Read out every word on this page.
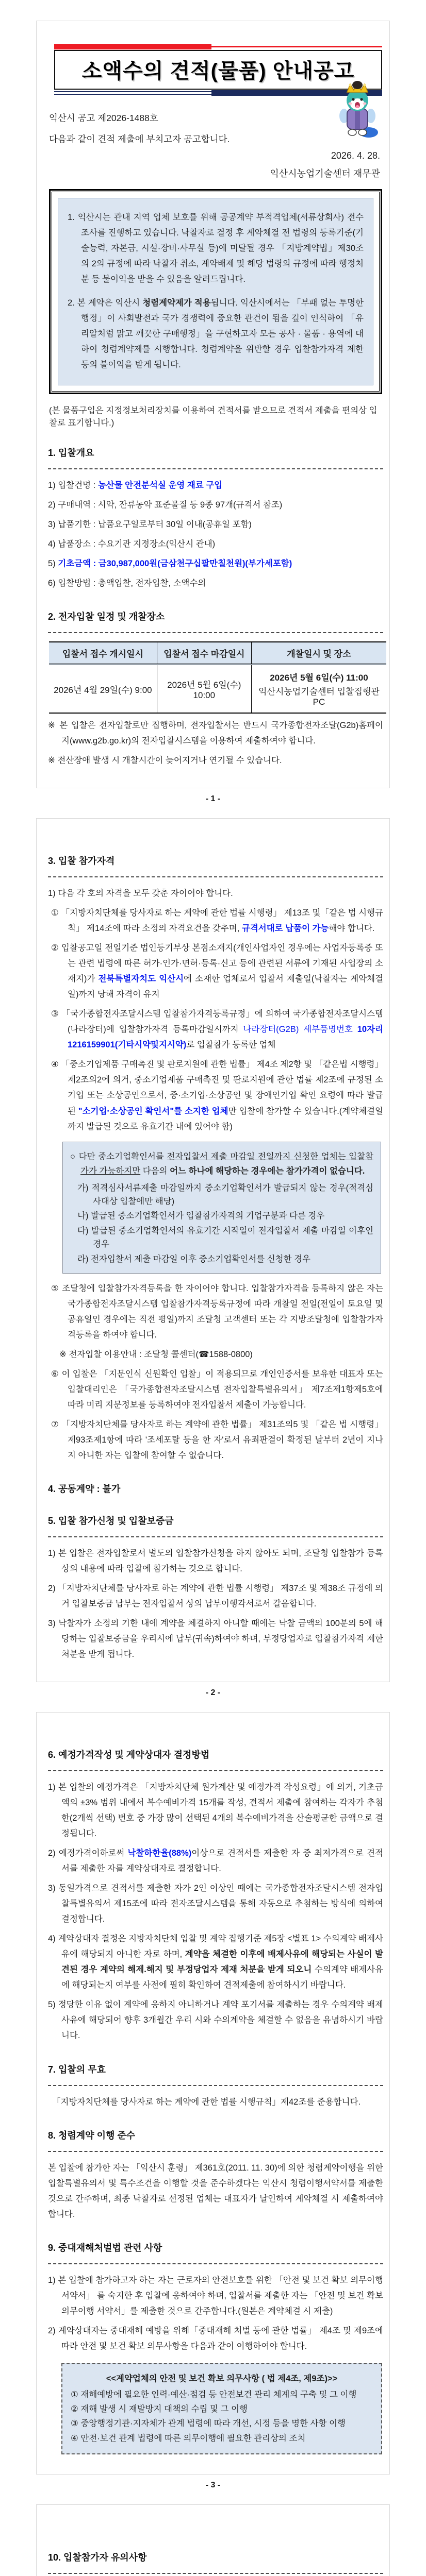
소액수의 견적(물품) 안내공고

익산시 공고 제2026-1488호

다음과 같이 견적 제출에 부치고자 공고합니다.

2026. 4. 28.

익산시농업기술센터 재무관

1. 익산시는 관내 지역 업체 보호를 위해 공공계약 부적격업체(서류상회사) 전수 조사를 진행하고 있습니다. 낙찰자로 결정 후 계약체결 전 법령의 등록기준(기술능력, 자본금, 시설·장비·사무실 등)에 미달될 경우 「지방계약법」제30조의 2의 규정에 따라 낙찰자 취소, 계약배제 및 해당 법령의 규정에 따라 행정처분 등 불이익을 받을 수 있음을 알려드립니다.

2. 본 계약은 익산시 청렴계약제가 적용됩니다. 익산시에서는 「부패 없는 투명한 행정」이 사회발전과 국가 경쟁력에 중요한 관건이 됨을 깊이 인식하여 「유리알처럼 맑고 깨끗한 구매행정」을 구현하고자 모든 공사 · 물품 · 용역에 대하여 청렴계약제를 시행합니다. 청렴계약을 위반할 경우 입찰참가자격 제한 등의 불이익을 받게 됩니다.

(본 물품구입은 지정정보처리장치를 이용하여 견적서를 받으므로 견적서 제출을 편의상 입찰로 표기합니다.)

1. 입찰개요

1) 입찰건명 : 농산물 안전분석실 운영 재료 구입

2) 구매내역 : 시약, 잔류농약 표준물질 등 9종 97개(규격서 참조)

3) 납품기한 : 납품요구일로부터 30일 이내(공휴일 포함)

4) 납품장소 : 수요기관 지정장소(익산시 관내)

5) 기초금액 : 금30,987,000원(금삼천구십팔만칠천원)(부가세포함)

6) 입찰방법 : 총액입찰, 전자입찰, 소액수의

2. 전자입찰 일정 및 개찰장소
입찰서 접수 개시일시	입찰서 접수 마감일시	개찰일시 및 장소
2026년 4월 29일(수) 9:00	2026년 5월 6일(수) 10:00	2026년 5월 6일(수) 11:00
익산시농업기술센터 입찰집행관PC

※ 본 입찰은 전자입찰로만 집행하며, 전자입찰서는 반드시 국가종합전자조달(G2b)홈페이지(www.g2b.go.kr)의 전자입찰시스템을 이용하여 제출하여야 합니다.

※ 전산장애 발생 시 개찰시간이 늦어지거나 연기될 수 있습니다.

- 1 -
3. 입찰 참가자격

1) 다음 각 호의 자격을 모두 갖춘 자이어야 합니다.

① 「지방자치단체를 당사자로 하는 계약에 관한 법률 시행령」 제13조 및「같은 법 시행규칙」 제14조에 따라 소정의 자격요건을 갖추며, 규격서대로 납품이 가능해야 합니다.

② 입찰공고일 전일기준 법인등기부상 본점소재지(개인사업자인 경우에는 사업자등록증 또는 관련 법령에 따른 허가·인가·면허·등록·신고 등에 관련된 서류에 기재된 사업장의 소재지)가 전북특별자치도 익산시에 소재한 업체로서 입찰서 제출일(낙찰자는 계약체결일)까지 당해 자격이 유지

③ 「국가종합전자조달시스템 입찰참가자격등록규정」에 의하여 국가종합전자조달시스템(나라장터)에 입찰참가자격 등록마감일시까지 나라장터(G2B) 세부품명번호 10자리 1216159901(기타시약및지시약)로 입찰참가 등록한 업체

④ 「중소기업제품 구매촉진 및 판로지원에 관한 법률」 제4조 제2항 및 「같은법 시행령」 제2조의2에 의거, 중소기업제품 구매촉진 및 판로지원에 관한 법률 제2조에 규정된 소기업 또는 소상공인으로서, 중·소기업·소상공인 및 장애인기업 확인 요령에 따라 발급된 "소기업·소상공인 확인서"를 소지한 업체만 입찰에 참가할 수 있습니다.(계약체결일까지 발급된 것으로 유효기간 내에 있어야 함)

○ 다만 중소기업확인서를 전자입찰서 제출 마감일 전일까지 신청한 업체는 입찰참가가 가능하지만 다음의 어느 하나에 해당하는 경우에는 참가가격이 없습니다.

가) 적격심사서류제출 마감일까지 중소기업확인서가 발급되지 않는 경우(적격심사대상 입찰에만 해당)

나) 발급된 중소기업확인서가 입찰참가자격의 기업구분과 다른 경우

다) 발급된 중소기업확인서의 유효기간 시작일이 전자입찰서 제출 마감일 이후인 경우

라) 전자입찰서 제출 마감일 이후 중소기업확인서를 신청한 경우

⑤ 조달청에 입찰참가자격등록을 한 자이어야 합니다. 입찰참가자격을 등록하지 않은 자는 국가종합전자조달시스템 입찰참가자격등록규정에 따라 개찰일 전일(전일이 토요일 및 공휴일인 경우에는 직전 평일)까지 조달청 고객센터 또는 각 지방조달청에 입찰참가자격등록을 하여야 합니다.

※ 전자입찰 이용안내 : 조달청 콜센터(☎1588-0800)

⑥ 이 입찰은 「지문인식 신원확인 입찰」이 적용되므로 개인인증서를 보유한 대표자 또는 입찰대리인은 「국가종합전자조달시스템 전자입찰특별유의서」 제7조제1항제5호에 따라 미리 지문정보를 등록하여야 전자입찰서 제출이 가능합니다.

⑦ 「지방자치단체를 당사자로 하는 계약에 관한 법률」 제31조의5 및 「같은 법 시행령」 제93조제1항에 따라 '조세포탈 등을 한 자'로서 유죄판결이 확정된 날부터 2년이 지나지 아니한 자는 입찰에 참여할 수 없습니다.

4. 공동계약 : 불가
5. 입찰 참가신청 및 입찰보증금

1) 본 입찰은 전자입찰로서 별도의 입찰참가신청을 하지 않아도 되며, 조달청 입찰참가 등록상의 내용에 따라 입찰에 참가하는 것으로 합니다.

2) 「지방자치단체를 당사자로 하는 계약에 관한 법률 시행령」 제37조 및 제38조 규정에 의거 입찰보증금 납부는 전자입찰서 상의 납부이행각서로서 갈음합니다.

3) 낙찰자가 소정의 기한 내에 계약을 체결하지 아니할 때에는 낙찰 금액의 100분의 5에 해당하는 입찰보증금을 우리시에 납부(귀속)하여야 하며, 부정당업자로 입찰참가자격 제한 처분을 받게 됩니다.

- 2 -
6. 예정가격작성 및 계약상대자 결정방법

1) 본 입찰의 예정가격은 「지방자치단체 원가계산 및 예정가격 작성요령」에 의거, 기초금액의 ±3% 범위 내에서 복수예비가격 15개를 작성, 견적서 제출에 참여하는 각자가 추첨한(2개씩 선택) 번호 중 가장 많이 선택된 4개의 복수예비가격을 산술평균한 금액으로 결정됩니다.

2) 예정가격이하로써 낙찰하한율(88%)이상으로 견적서를 제출한 자 중 최저가격으로 견적서를 제출한 자를 계약상대자로 결정합니다.

3) 동일가격으로 견적서를 제출한 자가 2인 이상인 때에는 국가종합전자조달시스템 전자입찰특별유의서 제15조에 따라 전자조달시스템을 통해 자동으로 추첨하는 방식에 의하여 결정합니다.

4) 계약상대자 결정은 지방자치단체 입찰 및 계약 집행기준 제5장 <별표 1> 수의계약 배제사유에 해당되지 아니한 자로 하며, 계약을 체결한 이후에 배제사유에 해당되는 사실이 발견된 경우 계약의 해제.해지 및 부정당업자 제재 처분을 받게 되오니 수의계약 배제사유에 해당되는지 여부를 사전에 필히 확인하여 견적제출에 참여하시기 바랍니다.

5) 정당한 이유 없이 계약에 응하지 아니하거나 계약 포기서를 제출하는 경우 수의계약 배제사유에 해당되어 향후 3개월간 우리 시와 수의계약을 체결할 수 없음을 유념하시기 바랍니다.

7. 입찰의 무효

「지방자치단체를 당사자로 하는 계약에 관한 법률 시행규칙」제42조를 준용합니다.

8. 청렴계약 이행 준수

본 입찰에 참가한 자는 「익산시 훈령」 제361호(2011. 11. 30)에 의한 청렴계약이행을 위한 입찰특별유의서 및 특수조건을 이행할 것을 준수하겠다는 익산시 청렴이행서약서를 제출한 것으로 간주하며, 최종 낙찰자로 선정된 업체는 대표자가 날인하여 계약체결 시 제출하여야 합니다.

9. 중대재해처벌법 관련 사항

1) 본 입찰에 참가하고자 하는 자는 근로자의 안전보호를 위한 「안전 및 보건 확보 의무이행 서약서」 를 숙지한 후 입찰에 응하여야 하며, 입찰서를 제출한 자는 「안전 및 보건 확보 의무이행 서약서」를 제출한 것으로 간주합니다.(원본은 계약체결 시 제출)

2) 계약상대자는 중대재해 예방을 위해「중대재해 처벌 등에 관한 법률」 제4조 및 제9조에 따라 안전 및 보건 확보 의무사항을 다음과 같이 이행하여야 합니다.

<<계약업체의 안전 및 보건 확보 의무사항 ( 법 제4조, 제9조)>>

① 재해예방에 필요한 인력·예산·점검 등 안전보건 관리 체계의 구축 및 그 이행

② 재해 발생 시 재발방지 대책의 수립 및 그 이행

③ 중앙행정기관·지자체가 관계 법령에 따라 개선, 시정 등을 명한 사항 이행

④ 안전·보건 관계 법령에 따른 의무이행에 필요한 관리상의 조치

- 3 -
10. 입찰참가자 유의사항
